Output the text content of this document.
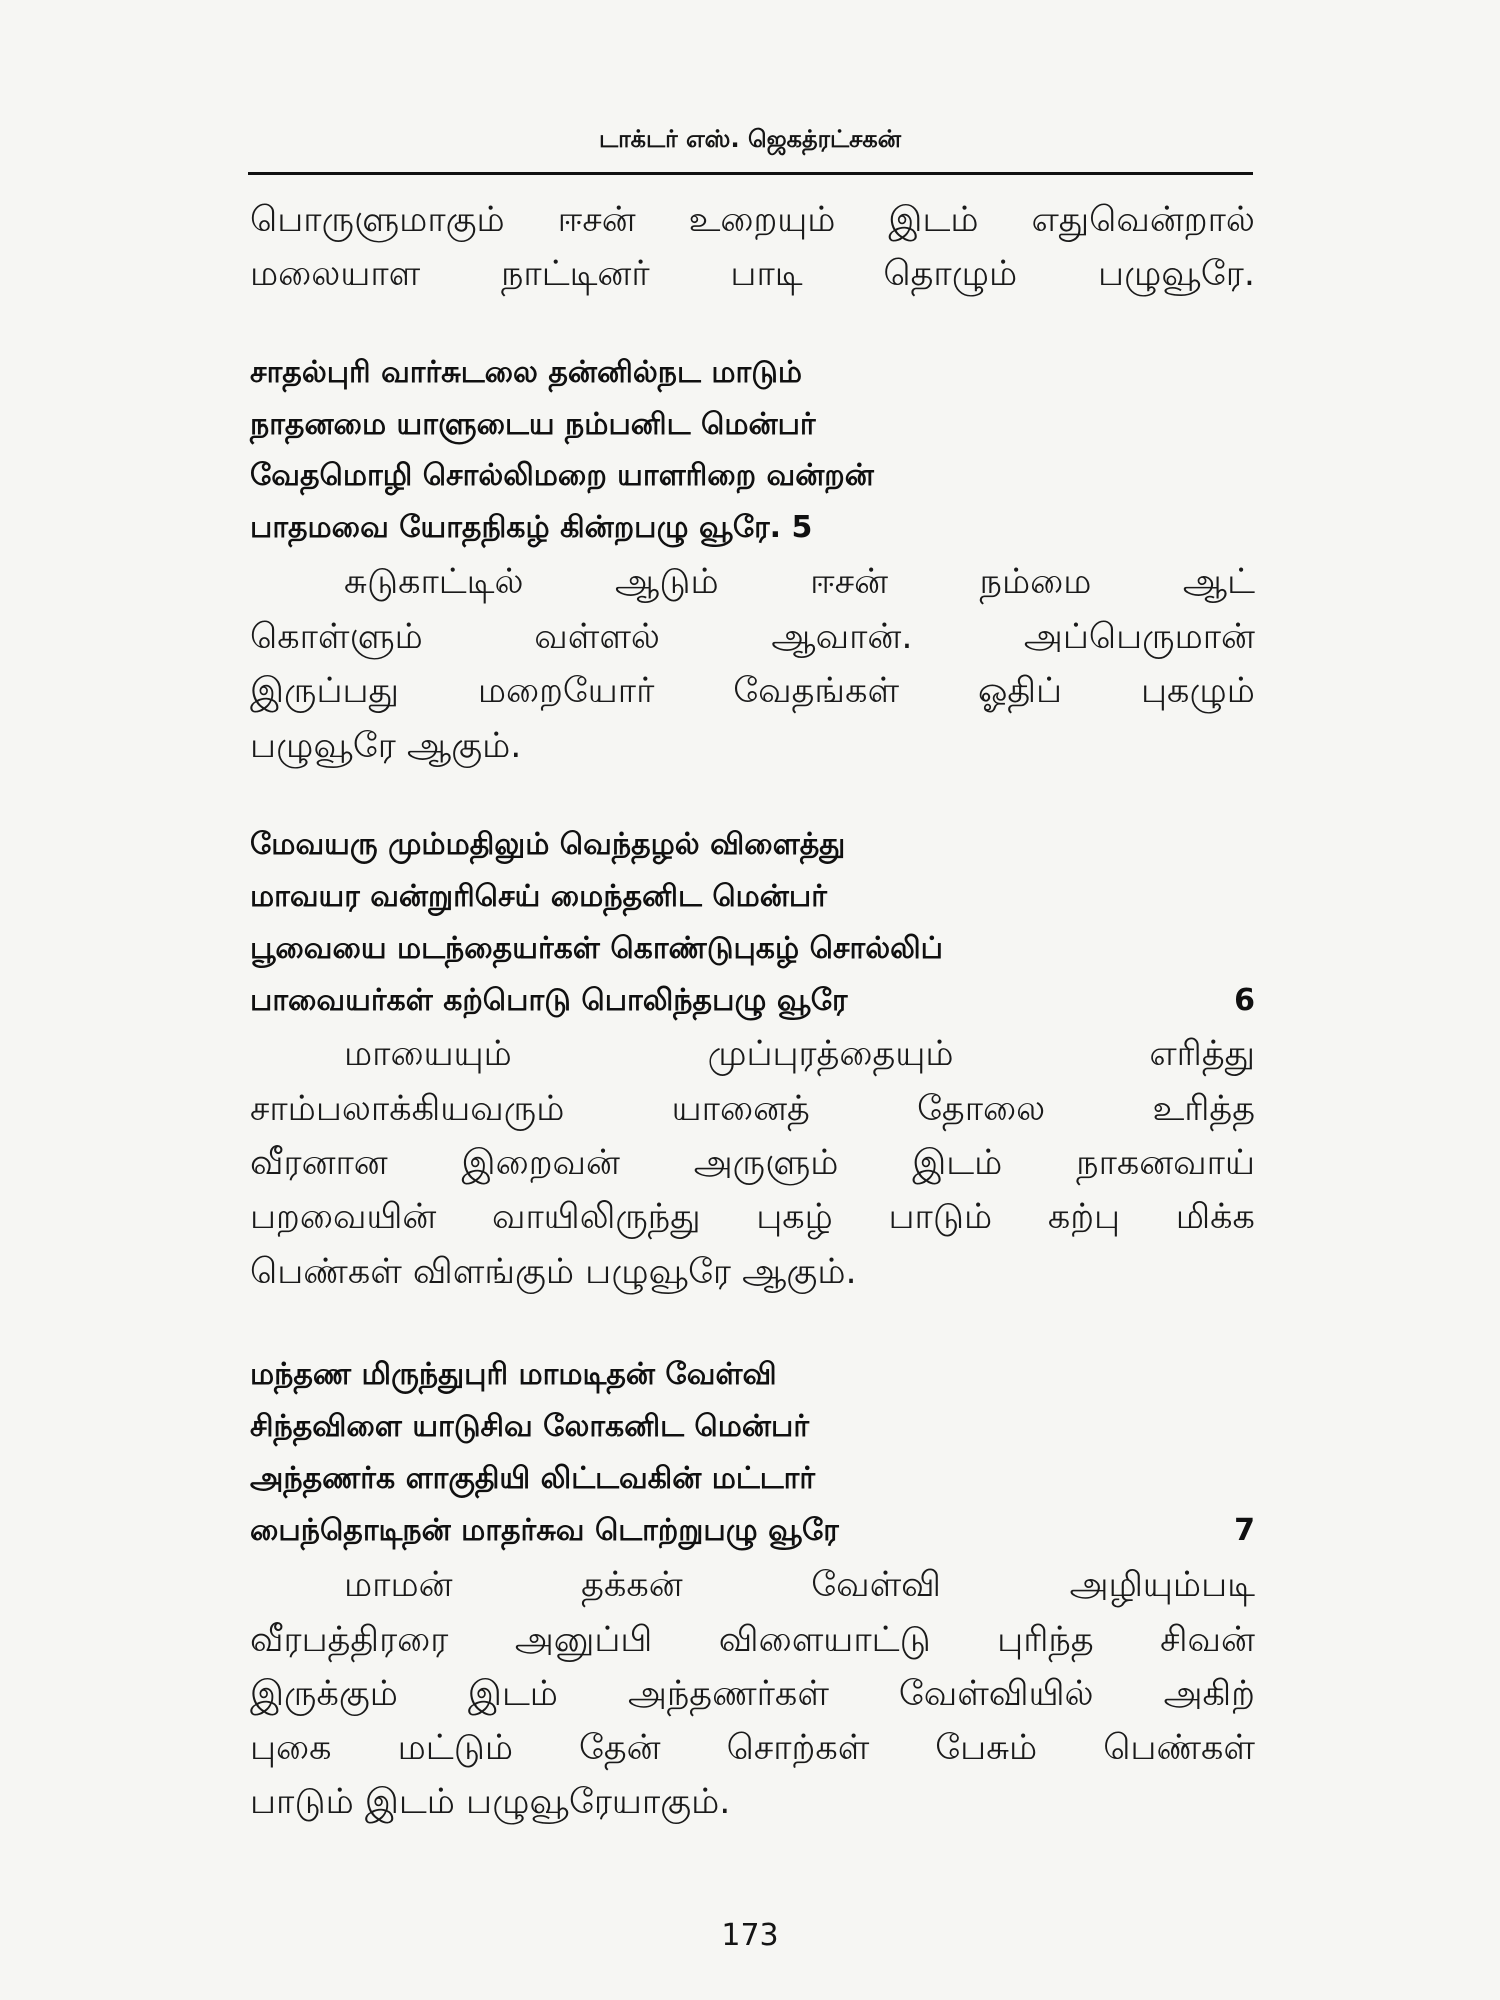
டாக்டர் எஸ். ஜெகத்ரட்சகன்
பொருளுமாகும் ஈசன் உறையும் இடம் எதுவென்றால்
மலையாள நாட்டினர் பாடி தொழும் பழுவூரே.
சாதல்புரி வார்சுடலை தன்னில்நட மாடும்
நாதனமை யாளுடைய நம்பனிட மென்பர்
வேதமொழி சொல்லிமறை யாளரிறை வன்றன்
பாதமவை யோதநிகழ் கின்றபழு வூரே. 5
சுடுகாட்டில்	ஆடும்	ஈசன்	நம்மை	ஆட்
கொள்ளும்	வள்ளல்	ஆவான்.	அப்பெருமான்
இருப்பது மறையோர் வேதங்கள் ஓதிப் புகழும்
பழுவூரே ஆகும்.
மேவயரு மும்மதிலும் வெந்தழல் விளைத்து
மாவயர வன்றுரிசெய் மைந்தனிட மென்பர்
பூவையை மடந்தையர்கள் கொண்டுபுகழ் சொல்லிப்
பாவையர்கள் கற்பொடு பொலிந்தபழு வூரே	6
மாயையும்	முப்புரத்தையும்	எரித்து
சாம்பலாக்கியவரும்	யானைத்	தோலை	உரித்த
வீரனான இறைவன் அருளும் இடம் நாகனவாய்
பறவையின் வாயிலிருந்து புகழ் பாடும் கற்பு மிக்க
பெண்கள் விளங்கும் பழுவூரே ஆகும்.
மந்தண மிருந்துபுரி மாமடிதன் வேள்வி
சிந்தவிளை யாடுசிவ லோகனிட மென்பர்
அந்தணர்க ளாகுதியி லிட்டவகின் மட்டார்
பைந்தொடிநன் மாதர்சுவ டொற்றுபழு வூரே	7
மாமன்	தக்கன்	வேள்வி	அழியும்படி
வீரபத்திரரை அனுப்பி விளையாட்டு புரிந்த சிவன்
இருக்கும் இடம் அந்தணர்கள் வேள்வியில் அகிற்
புகை மட்டும் தேன் சொற்கள் பேசும் பெண்கள்
பாடும் இடம் பழுவூரேயாகும்.
173
